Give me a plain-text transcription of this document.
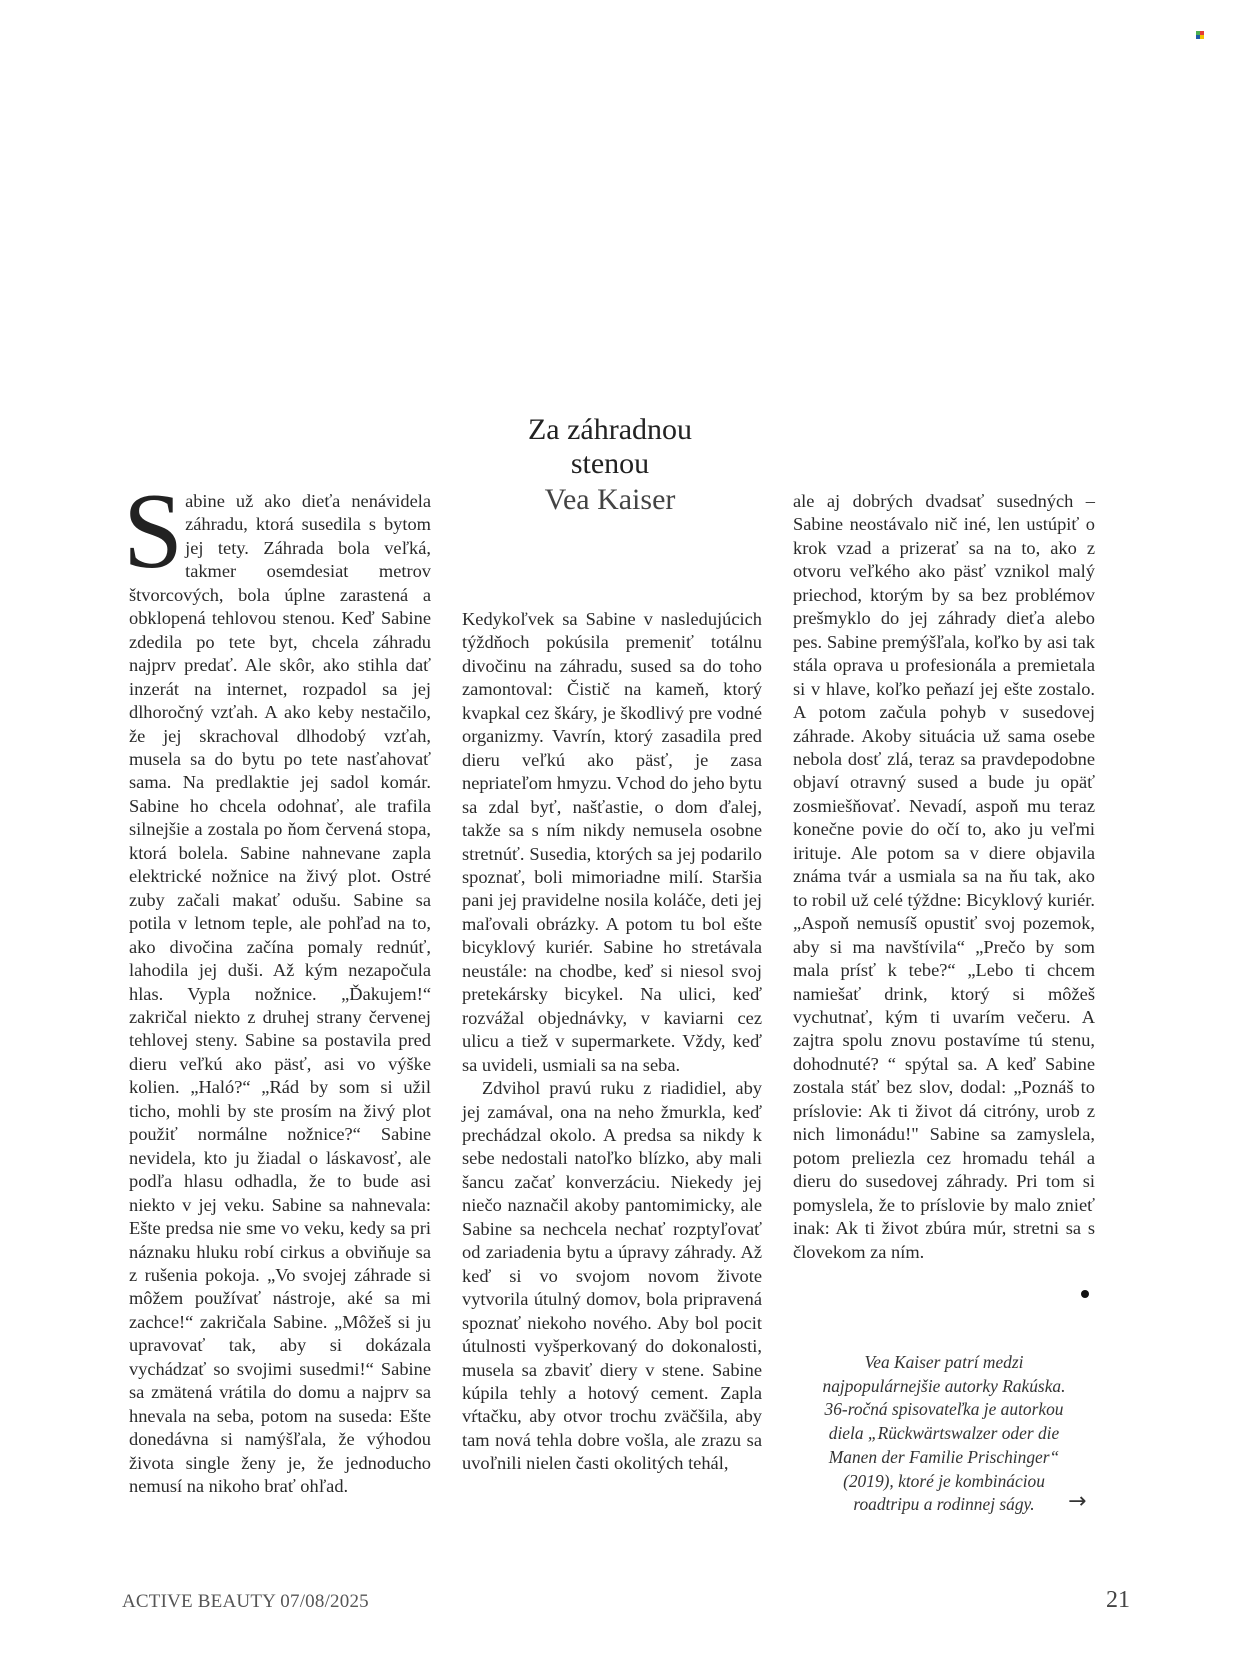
Za záhradnou
stenou
Vea Kaiser
S abine už ako dieťa nenávidela záhradu, ktorá susedila s bytom jej tety. Záhrada bola veľká, takmer osemdesiat metrov štvorcových, bola úplne zarastená a obklopená tehlovou stenou. Keď Sabine zdedila po tete byt, chcela záhradu najprv predať. Ale skôr, ako stihla dať inzerát na internet, rozpadol sa jej dlhoročný vzťah. A ako keby nestačilo, že jej skrachoval dlhodobý vzťah, musela sa do bytu po tete nasťahovať sama. Na predlaktie jej sadol komár. Sabine ho chcela odohnať, ale trafila silnejšie a zostala po ňom červená stopa, ktorá bolela. Sabine nahnevane zapla elektrické nožnice na živý plot. Ostré zuby začali makať odušu. Sabine sa potila v letnom teple, ale pohľad na to, ako divočina začína pomaly rednúť, lahodila jej duši. Až kým nezapočula hlas. Vypla nožnice. „Ďakujem!“ zakričal niekto z druhej strany červenej tehlovej steny. Sabine sa postavila pred dieru veľkú ako päsť, asi vo výške kolien. „Haló?“ „Rád by som si užil ticho, mohli by ste prosím na živý plot použiť normálne nožnice?“ Sabine nevidela, kto ju žiadal o láskavosť, ale podľa hlasu odhadla, že to bude asi niekto v jej veku. Sabine sa nahnevala: Ešte predsa nie sme vo veku, kedy sa pri náznaku hluku robí cirkus a obviňuje sa z rušenia pokoja. „Vo svojej záhrade si môžem používať nástroje, aké sa mi zachce!“ zakričala Sabine. „Môžeš si ju upravovať tak, aby si dokázala vychádzať so svojimi susedmi!“ Sabine sa zmätená vrátila do domu a najprv sa hnevala na seba, potom na suseda: Ešte donedávna si namýšľala, že výhodou života single ženy je, že jednoducho nemusí na nikoho brať ohľad.

Kedykoľvek sa Sabine v nasledujúcich týždňoch pokúsila premeniť totálnu divočinu na záhradu, sused sa do toho zamontoval: Čistič na kameň, ktorý kvapkal cez škáry, je škodlivý pre vodné organizmy. Vavrín, ktorý zasadila pred dieru veľkú ako päsť, je zasa nepriateľom hmyzu. Vchod do jeho bytu sa zdal byť, našťastie, o dom ďalej, takže sa s ním nikdy nemusela osobne stretnúť. Susedia, ktorých sa jej podarilo spoznať, boli mimoriadne milí. Staršia pani jej pravidelne nosila koláče, deti jej maľovali obrázky. A potom tu bol ešte bicyklový kuriér. Sabine ho stretávala neustále: na chodbe, keď si niesol svoj pretekársky bicykel. Na ulici, keď rozvážal objednávky, v kaviarni cez ulicu a tiež v supermarkete. Vždy, keď sa uvideli, usmiali sa na seba.

Zdvihol pravú ruku z riadidiel, aby jej zamával, ona na neho žmurkla, keď prechádzal okolo. A predsa sa nikdy k sebe nedostali natoľko blízko, aby mali šancu začať konverzáciu. Niekedy jej niečo naznačil akoby pantomimicky, ale Sabine sa nechcela nechať rozptyľovať od zariadenia bytu a úpravy záhrady. Až keď si vo svojom novom živote vytvorila útulný domov, bola pripravená spoznať niekoho nového. Aby bol pocit útulnosti vyšperkovaný do dokonalosti, musela sa zbaviť diery v stene. Sabine kúpila tehly a hotový cement. Zapla vŕtačku, aby otvor trochu zväčšila, aby tam nová tehla dobre vošla, ale zrazu sa uvoľnili nielen časti okolitých tehál,

ale aj dobrých dvadsať susedných – Sabine neostávalo nič iné, len ustúpiť o krok vzad a prizerať sa na to, ako z otvoru veľkého ako päsť vznikol malý priechod, ktorým by sa bez problémov prešmyklo do jej záhrady dieťa alebo pes. Sabine premýšľala, koľko by asi tak stála oprava u profesionála a premietala si v hlave, koľko peňazí jej ešte zostalo. A potom začula pohyb v susedovej záhrade. Akoby situácia už sama osebe nebola dosť zlá, teraz sa pravdepodobne objaví otravný sused a bude ju opäť zosmiešňovať. Nevadí, aspoň mu teraz konečne povie do očí to, ako ju veľmi irituje. Ale potom sa v diere objavila známa tvár a usmiala sa na ňu tak, ako to robil už celé týždne: Bicyklový kuriér. „Aspoň nemusíš opustiť svoj pozemok, aby si ma navštívila“ „Prečo by som mala prísť k tebe?“ „Lebo ti chcem namiešať drink, ktorý si môžeš vychutnať, kým ti uvarím večeru. A zajtra spolu znovu postavíme tú stenu, dohodnuté? “ spýtal sa. A keď Sabine zostala stáť bez slov, dodal: „Poznáš to príslovie: Ak ti život dá citróny, urob z nich limonádu!" Sabine sa zamyslela, potom preliezla cez hromadu tehál a dieru do susedovej záhrady. Pri tom si pomyslela, že to príslovie by malo znieť inak: Ak ti život zbúra múr, stretni sa s človekom za ním.

Vea Kaiser patrí medzi

najpopulárnejšie autorky Rakúska.

36-ročná spisovateľka je autorkou

diela „Rückwärtswalzer oder die

Manen der Familie Prischinger“

(2019), ktoré je kombináciou

roadtripu a rodinnej ságy.	→
ACTIVE BEAUTY 07/08/2025	21
